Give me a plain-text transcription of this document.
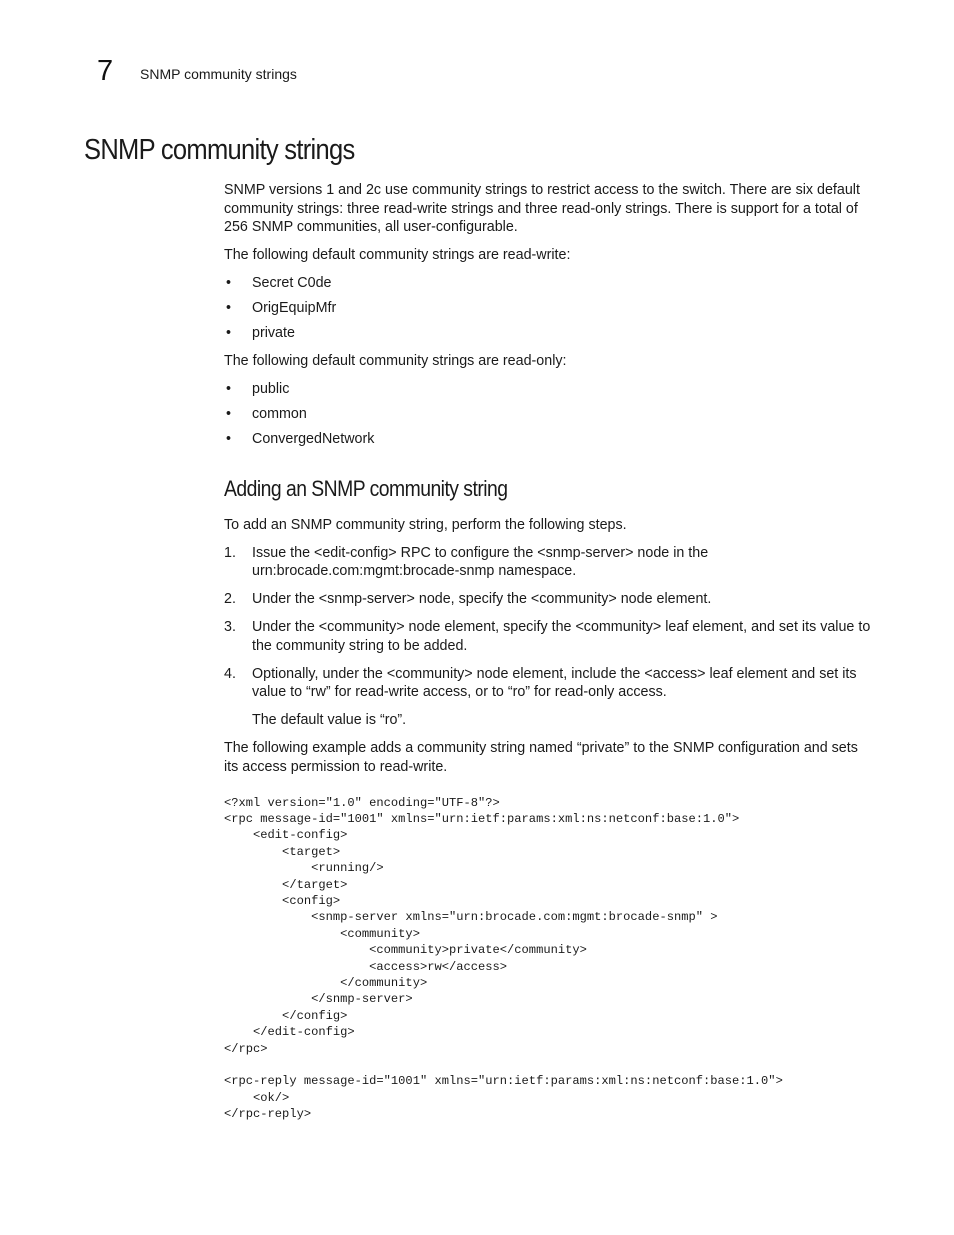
7 SNMP community strings
SNMP community strings

SNMP versions 1 and 2c use community strings to restrict access to the switch. There are six default community strings: three read-write strings and three read-only strings. There is support for a total of 256 SNMP communities, all user-configurable.

The following default community strings are read-write:

• Secret C0de
• OrigEquipMfr
• private

The following default community strings are read-only:

• public
• common
• ConvergedNetwork
Adding an SNMP community string

To add an SNMP community string, perform the following steps.

1. Issue the <edit-config> RPC to configure the <snmp-server> node in the urn:brocade.com:mgmt:brocade-snmp namespace.
2. Under the <snmp-server> node, specify the <community> node element.
3. Under the <community> node element, specify the <community> leaf element, and set its value to the community string to be added.
4. Optionally, under the <community> node element, include the <access> leaf element and set its value to “rw” for read-write access, or to “ro” for read-only access.
The default value is “ro”.

The following example adds a community string named “private” to the SNMP configuration and sets its access permission to read-write.

<?xml version="1.0" encoding="UTF-8"?>
<rpc message-id="1001" xmlns="urn:ietf:params:xml:ns:netconf:base:1.0">
<edit-config>
<target>
<running/>
</target>
<config>
<snmp-server xmlns="urn:brocade.com:mgmt:brocade-snmp" >
<community>
<community>private</community>
<access>rw</access>
</community>
</snmp-server>
</config>
</edit-config>
</rpc>

<rpc-reply message-id="1001" xmlns="urn:ietf:params:xml:ns:netconf:base:1.0">
<ok/>
</rpc-reply>
